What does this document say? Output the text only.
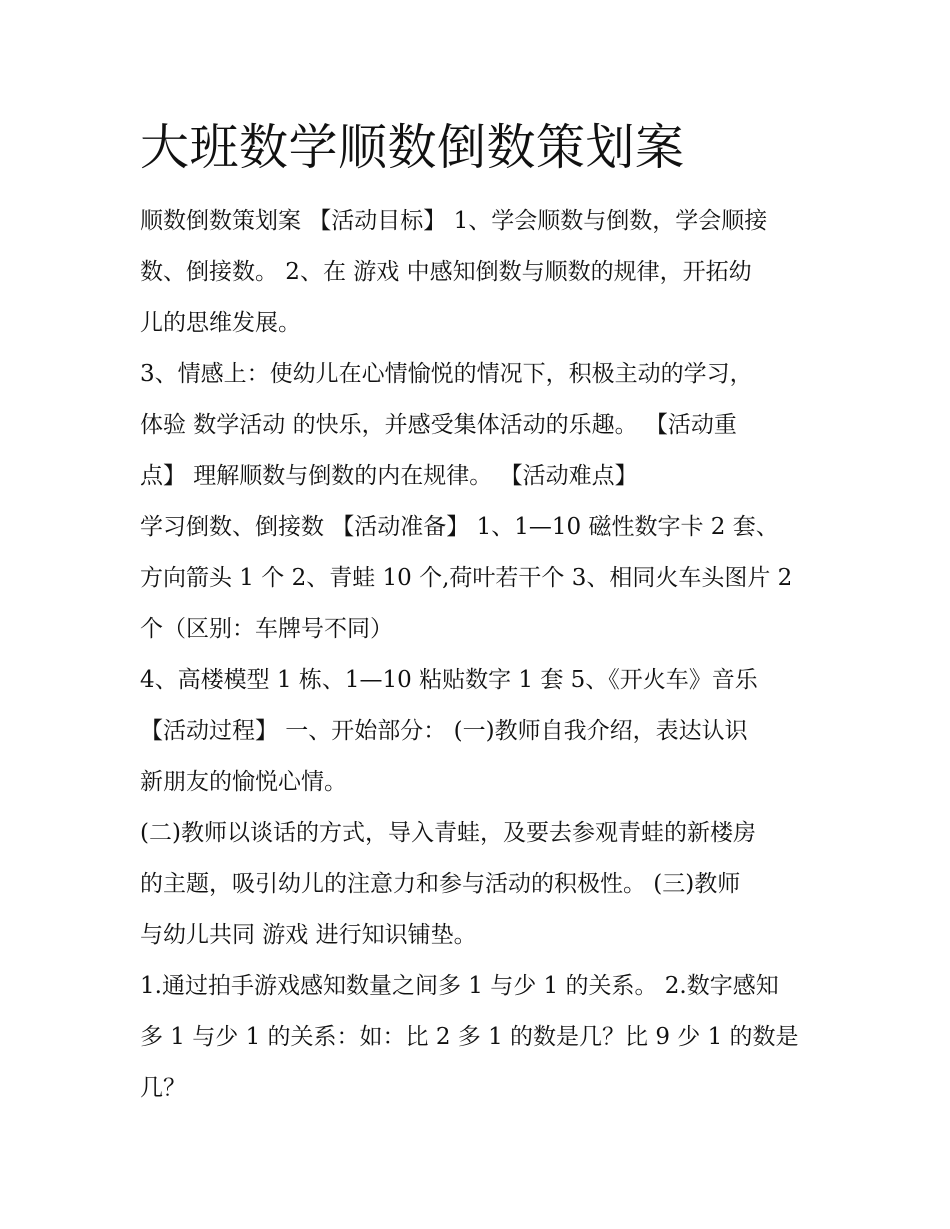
大班数学顺数倒数策划案
顺数倒数策划案 【活动目标】 1、学会顺数与倒数，学会顺接
数、倒接数。 2、在 游戏 中感知倒数与顺数的规律，开拓幼
儿的思维发展。
3、情感上：使幼儿在心情愉悦的情况下，积极主动的学习，
体验 数学活动 的快乐，并感受集体活动的乐趣。 【活动重
点】 理解顺数与倒数的内在规律。 【活动难点】
学习倒数、倒接数 【活动准备】 1、1—10 磁性数字卡 2 套、
方向箭头 1 个 2、青蛙 10 个,荷叶若干个 3、相同火车头图片 2
个（区别：车牌号不同）
4、高楼模型 1 栋、1—10 粘贴数字 1 套 5、《开火车》音乐
【活动过程】 一、开始部分： (一)教师自我介绍，表达认识
新朋友的愉悦心情。
(二)教师以谈话的方式，导入青蛙，及要去参观青蛙的新楼房
的主题，吸引幼儿的注意力和参与活动的积极性。 (三)教师
与幼儿共同 游戏 进行知识铺垫。
1.通过拍手游戏感知数量之间多 1 与少 1 的关系。 2.数字感知
多 1 与少 1 的关系：如：比 2 多 1 的数是几？比 9 少 1 的数是
几？
